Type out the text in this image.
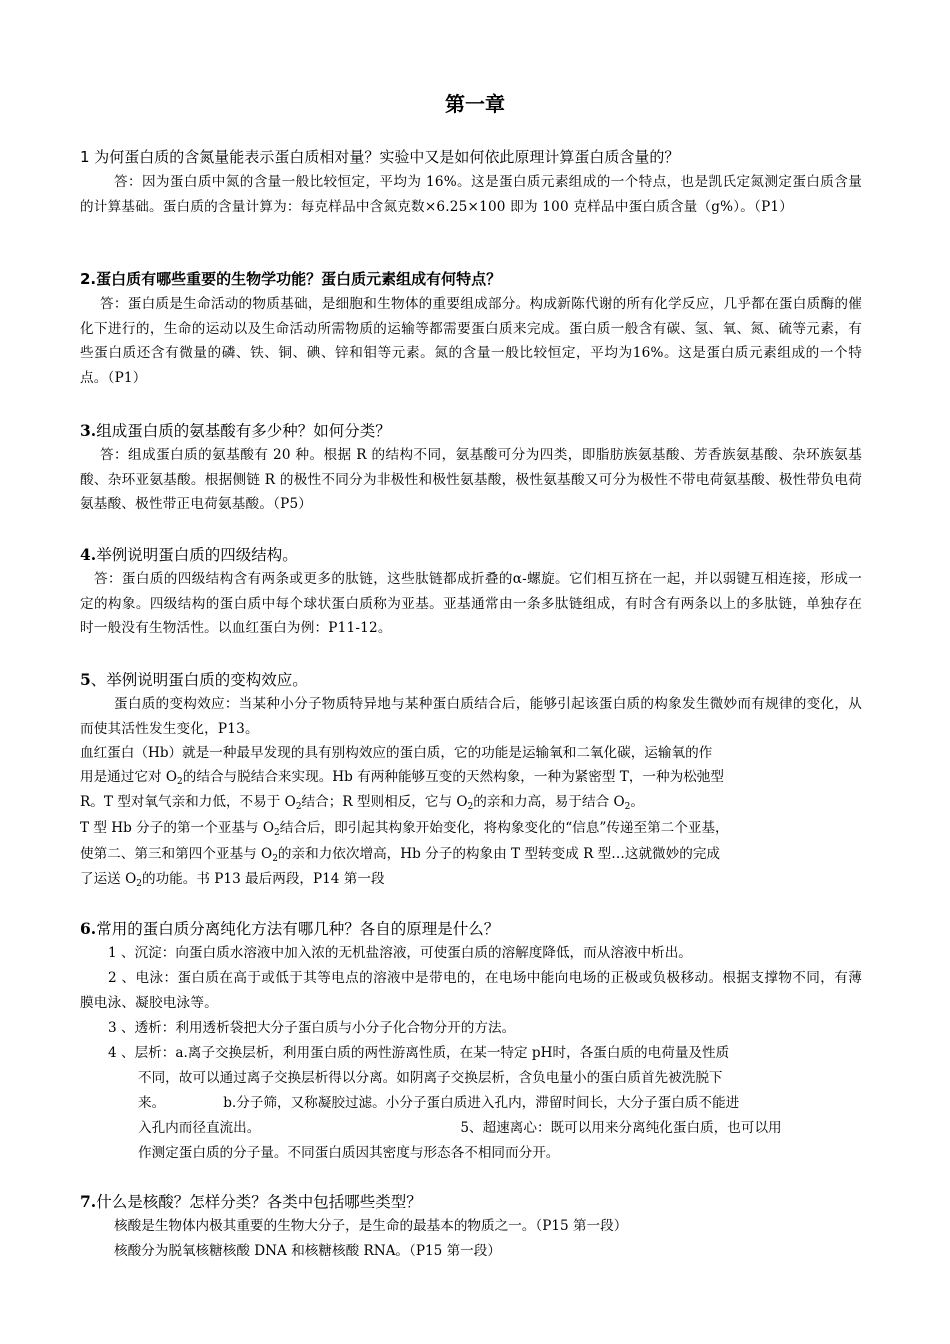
第一章
1 为何蛋白质的含氮量能表示蛋白质相对量？实验中又是如何依此原理计算蛋白质含量的？
答：因为蛋白质中氮的含量一般比较恒定，平均为 16%。这是蛋白质元素组成的一个特点，也是凯氏定氮测定蛋白质含量的计算基础。蛋白质的含量计算为：每克样品中含氮克数×6.25×100 即为 100 克样品中蛋白质含量（g%）。（P1）
2.蛋白质有哪些重要的生物学功能？蛋白质元素组成有何特点？
答：蛋白质是生命活动的物质基础，是细胞和生物体的重要组成部分。构成新陈代谢的所有化学反应，几乎都在蛋白质酶的催化下进行的，生命的运动以及生命活动所需物质的运输等都需要蛋白质来完成。蛋白质一般含有碳、氢、氧、氮、硫等元素，有些蛋白质还含有微量的磷、铁、铜、碘、锌和钼等元素。氮的含量一般比较恒定，平均为16%。这是蛋白质元素组成的一个特点。（P1）
3.组成蛋白质的氨基酸有多少种？如何分类？
答：组成蛋白质的氨基酸有 20 种。根据 R 的结构不同，氨基酸可分为四类，即脂肪族氨基酸、芳香族氨基酸、杂环族氨基酸、杂环亚氨基酸。根据侧链 R 的极性不同分为非极性和极性氨基酸，极性氨基酸又可分为极性不带电荷氨基酸、极性带负电荷氨基酸、极性带正电荷氨基酸。（P5）
4.举例说明蛋白质的四级结构。
答：蛋白质的四级结构含有两条或更多的肽链，这些肽链都成折叠的α-螺旋。它们相互挤在一起，并以弱键互相连接，形成一定的构象。四级结构的蛋白质中每个球状蛋白质称为亚基。亚基通常由一条多肽链组成，有时含有两条以上的多肽链，单独存在时一般没有生物活性。以血红蛋白为例：P11-12。
5、举例说明蛋白质的变构效应。
蛋白质的变构效应：当某种小分子物质特异地与某种蛋白质结合后，能够引起该蛋白质的构象发生微妙而有规律的变化，从而使其活性发生变化，P13。
血红蛋白（Hb）就是一种最早发现的具有别构效应的蛋白质，它的功能是运输氧和二氧化碳，运输氧的作
用是通过它对 $O_2$的结合与脱结合来实现。Hb 有两种能够互变的天然构象，一种为紧密型 T，一种为松弛型
R。T 型对氧气亲和力低，不易于 $O_2$结合；R 型则相反，它与 $O_2$的亲和力高，易于结合 $O_2$。
T 型 Hb 分子的第一个亚基与 $O_2$结合后，即引起其构象开始变化，将构象变化的“信息”传递至第二个亚基，
使第二、第三和第四个亚基与 $O_2$的亲和力依次增高，Hb 分子的构象由 T 型转变成 R 型…这就微妙的完成
了运送 $O_2$的功能。书 P13 最后两段，P14 第一段
6.常用的蛋白质分离纯化方法有哪几种？各自的原理是什么？
1 、沉淀：向蛋白质水溶液中加入浓的无机盐溶液，可使蛋白质的溶解度降低，而从溶液中析出。
2 、电泳：蛋白质在高于或低于其等电点的溶液中是带电的，在电场中能向电场的正极或负极移动。根据支撑物不同，有薄膜电泳、凝胶电泳等。
3 、透析：利用透析袋把大分子蛋白质与小分子化合物分开的方法。
4 、层析：a.离子交换层析，利用蛋白质的两性游离性质，在某一特定 pH时，各蛋白质的电荷量及性质
不同，故可以通过离子交换层析得以分离。如阴离子交换层析，含负电量小的蛋白质首先被洗脱下
来。	b.分子筛，又称凝胶过滤。小分子蛋白质进入孔内，滞留时间长，大分子蛋白质不能进
入孔内而径直流出。	5、超速离心：既可以用来分离纯化蛋白质，也可以用
作测定蛋白质的分子量。不同蛋白质因其密度与形态各不相同而分开。
7.什么是核酸？怎样分类？各类中包括哪些类型？
核酸是生物体内极其重要的生物大分子，是生命的最基本的物质之一。（P15 第一段）
核酸分为脱氧核糖核酸 DNA 和核糖核酸 RNA。（P15 第一段）
